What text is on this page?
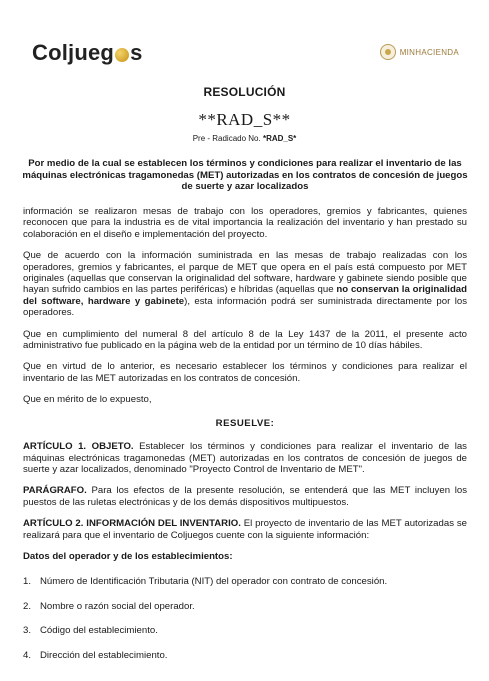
Coljueg s	MINHACIENDA
RESOLUCIÓN
**RAD_S**
Pre - Radicado No. *RAD_S*
Por medio de la cual se establecen los términos y condiciones para realizar el inventario de las máquinas electrónicas tragamonedas (MET) autorizadas en los contratos de concesión de juegos de suerte y azar localizados

información se realizaron mesas de trabajo con los operadores, gremios y fabricantes, quienes reconocen que para la industria es de vital importancia la realización del inventario y han prestado su colaboración en el diseño e implementación del proyecto.

Que de acuerdo con la información suministrada en las mesas de trabajo realizadas con los operadores, gremios y fabricantes, el parque de MET que opera en el país está compuesto por MET originales (aquellas que conservan la originalidad del software, hardware y gabinete siendo posible que hayan sufrido cambios en las partes periféricas) e híbridas (aquellas que no conservan la originalidad del software, hardware y gabinete), esta información podrá ser suministrada directamente por los operadores.

Que en cumplimiento del numeral 8 del artículo 8 de la Ley 1437 de la 2011, el presente acto administrativo fue publicado en la página web de la entidad por un término de 10 días hábiles.

Que en virtud de lo anterior, es necesario establecer los términos y condiciones para realizar el inventario de las MET autorizadas en los contratos de concesión.

Que en mérito de lo expuesto,

RESUELVE:

ARTÍCULO 1. OBJETO. Establecer los términos y condiciones para realizar el inventario de las máquinas electrónicas tragamonedas (MET) autorizadas en los contratos de concesión de juegos de suerte y azar localizados, denominado "Proyecto Control de Inventario de MET".

PARÁGRAFO. Para los efectos de la presente resolución, se entenderá que las MET incluyen los puestos de las ruletas electrónicas y de los demás dispositivos multipuestos.

ARTÍCULO 2. INFORMACIÓN DEL INVENTARIO. El proyecto de inventario de las MET autorizadas se realizará para que el inventario de Coljuegos cuente con la siguiente información:

Datos del operador y de los establecimientos:

1. Número de Identificación Tributaria (NIT) del operador con contrato de concesión.
2. Nombre o razón social del operador.
3. Código del establecimiento.
4. Dirección del establecimiento.
